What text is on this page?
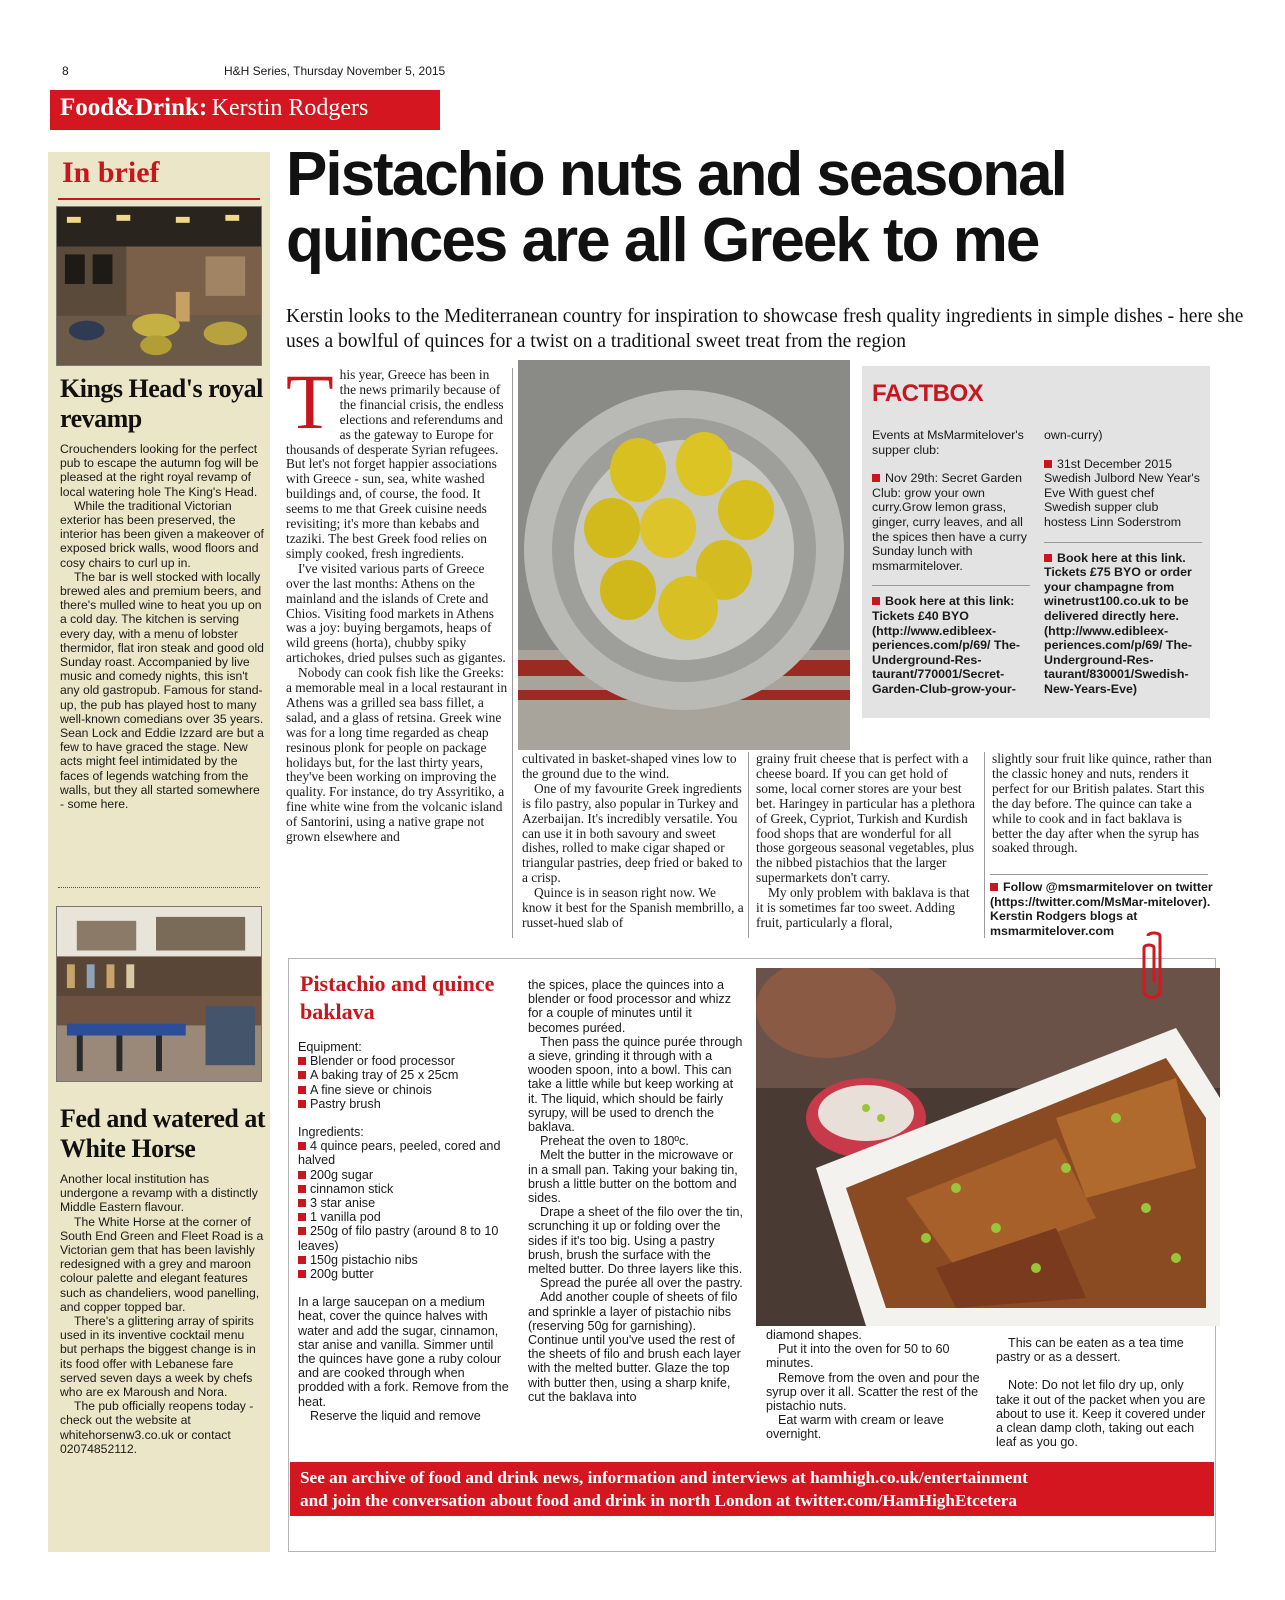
8	H&H Series, Thursday November 5, 2015
Food&Drink: Kerstin Rodgers
In brief
Kings Head's royal revamp

Crouchenders looking for the perfect pub to escape the autumn fog will be pleased at the right royal revamp of local watering hole The King's Head.

While the traditional Victorian exterior has been preserved, the interior has been given a makeover of exposed brick walls, wood floors and cosy chairs to curl up in.

The bar is well stocked with locally brewed ales and premium beers, and there's mulled wine to heat you up on a cold day. The kitchen is serving every day, with a menu of lobster thermidor, flat iron steak and good old Sunday roast. Accompanied by live music and comedy nights, this isn't any old gastropub. Famous for stand-up, the pub has played host to many well-known comedians over 35 years. Sean Lock and Eddie Izzard are but a few to have graced the stage. New acts might feel intimidated by the faces of legends watching from the walls, but they all started somewhere - some here.

Fed and watered at White Horse

Another local institution has undergone a revamp with a distinctly Middle Eastern flavour.

The White Horse at the corner of South End Green and Fleet Road is a Victorian gem that has been lavishly redesigned with a grey and maroon colour palette and elegant features such as chandeliers, wood panelling, and copper topped bar.

There's a glittering array of spirits used in its inventive cocktail menu but perhaps the biggest change is in its food offer with Lebanese fare served seven days a week by chefs who are ex Maroush and Nora.

The pub officially reopens today - check out the website at whitehorsenw3.co.uk or contact 02074852112.

Pistachio nuts and seasonal quinces are all Greek to me
Kerstin looks to the Mediterranean country for inspiration to showcase fresh quality ingredients in simple dishes - here she uses a bowlful of quinces for a twist on a traditional sweet treat from the region
T his year, Greece has been in the news primarily because of the financial crisis, the endless elections and referendums and as the gateway to Europe for thousands of desperate Syrian refugees. But let's not forget happier associations with Greece - sun, sea, white washed buildings and, of course, the food. It seems to me that Greek cuisine needs revisiting; it's more than kebabs and tzaziki. The best Greek food relies on simply cooked, fresh ingredients.

I've visited various parts of Greece over the last months: Athens on the mainland and the islands of Crete and Chios. Visiting food markets in Athens was a joy: buying bergamots, heaps of wild greens (horta), chubby spiky artichokes, dried pulses such as gigantes.

Nobody can cook fish like the Greeks: a memorable meal in a local restaurant in Athens was a grilled sea bass fillet, a salad, and a glass of retsina. Greek wine was for a long time regarded as cheap resinous plonk for people on package holidays but, for the last thirty years, they've been working on improving the quality. For instance, do try Assyritiko, a fine white wine from the volcanic island of Santorini, using a native grape not grown elsewhere and

FACTBOX

Events at MsMarmitelover's supper club:

Nov 29th: Secret Garden Club: grow your own curry.Grow lemon grass, ginger, curry leaves, and all the spices then have a curry Sunday lunch with msmarmitelover.

Book here at this link: Tickets £40 BYO (http://www.edibleex-periences.com/p/69/ The-Underground-Res-taurant/770001/Secret-Garden-Club-grow-your-

own-curry)

31st December 2015 Swedish Julbord New Year's Eve With guest chef Swedish supper club hostess Linn Soderstrom

Book here at this link. Tickets £75 BYO or order your champagne from winetrust100.co.uk to be delivered directly here. (http://www.edibleex-periences.com/p/69/ The-Underground-Res-taurant/830001/Swedish-New-Years-Eve)

cultivated in basket-shaped vines low to the ground due to the wind.

One of my favourite Greek ingredients is filo pastry, also popular in Turkey and Azerbaijan. It's incredibly versatile. You can use it in both savoury and sweet dishes, rolled to make cigar shaped or triangular pastries, deep fried or baked to a crisp.

Quince is in season right now. We know it best for the Spanish membrillo, a russet-hued slab of

grainy fruit cheese that is perfect with a cheese board. If you can get hold of some, local corner stores are your best bet. Haringey in particular has a plethora of Greek, Cypriot, Turkish and Kurdish food shops that are wonderful for all those gorgeous seasonal vegetables, plus the nibbed pistachios that the larger supermarkets don't carry.

My only problem with baklava is that it is sometimes far too sweet. Adding fruit, particularly a floral,

slightly sour fruit like quince, rather than the classic honey and nuts, renders it perfect for our British palates. Start this the day before. The quince can take a while to cook and in fact baklava is better the day after when the syrup has soaked through.

Follow @msmarmitelover on twitter (https://twitter.com/MsMar-mitelover). Kerstin Rodgers blogs at msmarmitelover.com
Pistachio and quince baklava

Equipment:

Blender or food processor

A baking tray of 25 x 25cm

A fine sieve or chinois

Pastry brush

Ingredients:

4 quince pears, peeled, cored and halved

200g sugar

cinnamon stick

3 star anise

1 vanilla pod

250g of filo pastry (around 8 to 10 leaves)

150g pistachio nibs

200g butter

In a large saucepan on a medium heat, cover the quince halves with water and add the sugar, cinnamon, star anise and vanilla. Simmer until the quinces have gone a ruby colour and are cooked through when prodded with a fork. Remove from the heat.

Reserve the liquid and remove

the spices, place the quinces into a blender or food processor and whizz for a couple of minutes until it becomes puréed.

Then pass the quince purée through a sieve, grinding it through with a wooden spoon, into a bowl. This can take a little while but keep working at it. The liquid, which should be fairly syrupy, will be used to drench the baklava.

Preheat the oven to 180ºc.

Melt the butter in the microwave or in a small pan. Taking your baking tin, brush a little butter on the bottom and sides.

Drape a sheet of the filo over the tin, scrunching it up or folding over the sides if it's too big. Using a pastry brush, brush the surface with the melted butter. Do three layers like this.

Spread the purée all over the pastry.

Add another couple of sheets of filo and sprinkle a layer of pistachio nibs (reserving 50g for garnishing). Continue until you've used the rest of the sheets of filo and brush each layer with the melted butter. Glaze the top with butter then, using a sharp knife, cut the baklava into

diamond shapes.

Put it into the oven for 50 to 60 minutes.

Remove from the oven and pour the syrup over it all. Scatter the rest of the pistachio nuts.

Eat warm with cream or leave overnight.

This can be eaten as a tea time pastry or as a dessert.

Note: Do not let filo dry up, only take it out of the packet when you are about to use it. Keep it covered under a clean damp cloth, taking out each leaf as you go.

See an archive of food and drink news, information and interviews at hamhigh.co.uk/entertainment
and join the conversation about food and drink in north London at twitter.com/HamHighEtcetera
